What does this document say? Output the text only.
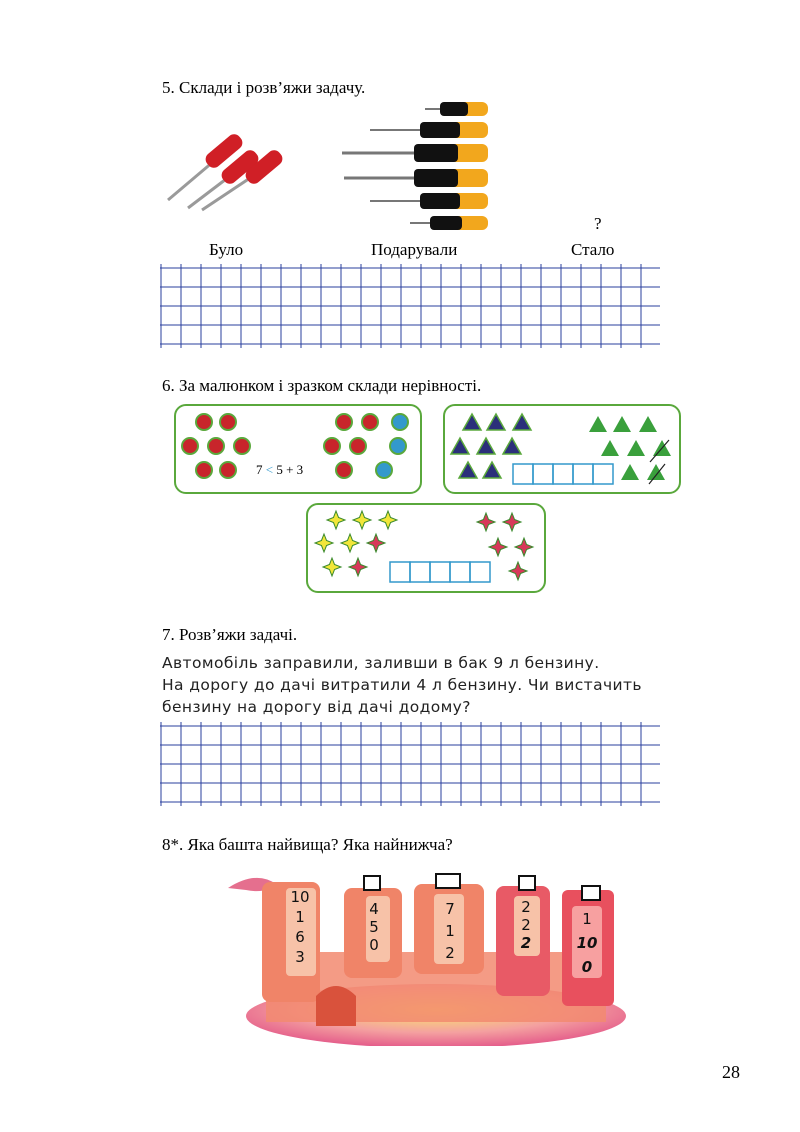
5. Склади і розв’яжи задачу.
?
Було	Подарували	Стало
6. За малюнком і зразком склади нерівності.
7 < 5 + 3
7. Розв’яжи задачі.
Автомобіль заправили, заливши в бак 9 л бензину.
На дорогу до дачі витратили 4 л бензину. Чи вистачить
бензину на дорогу від дачі додому?
8*. Яка башта найвища? Яка найнижча?
10
1
6
3
4
5
0
7
1
2
2
2
2
1
10
0
28
